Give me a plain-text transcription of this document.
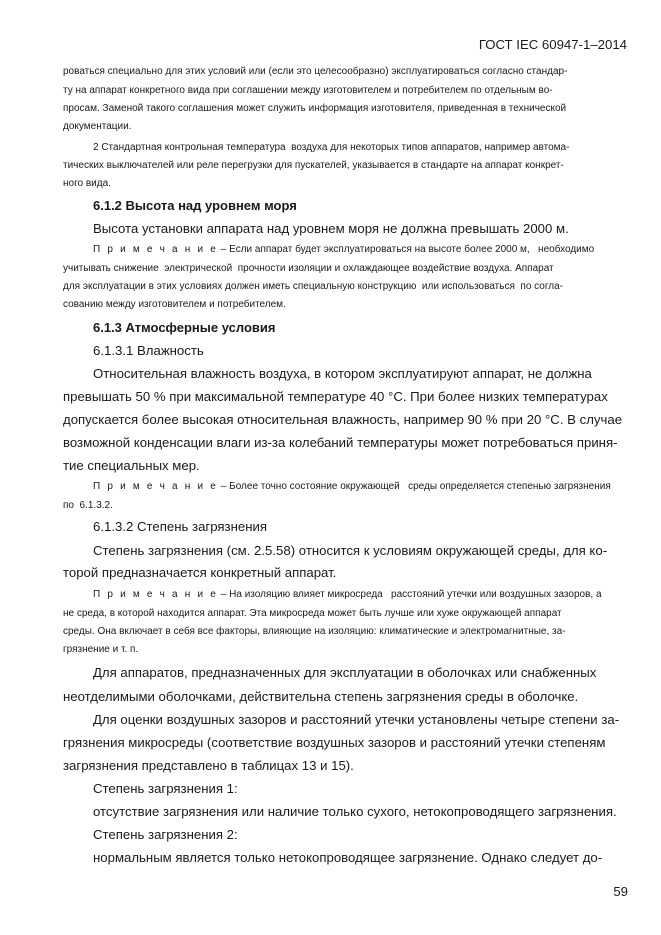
ГОСТ IEC 60947-1–2014
роваться специально для этих условий или (если это целесообразно) эксплуатироваться согласно стандар-
ту на аппарат конкретного вида при соглашении между изготовителем и потребителем по отдельным во-
просам. Заменой такого соглашения может служить информация изготовителя, приведенная в технической
документации.
2 Стандартная контрольная температура  воздуха для некоторых типов аппаратов, например автома-
тических выключателей или реле перегрузки для пускателей, указывается в стандарте на аппарат конкрет-
ного вида.
6.1.2 Высота над уровнем моря
Высота установки аппарата над уровнем моря не должна превышать 2000 м.
П р и м е ч а н и е – Если аппарат будет эксплуатироваться на высоте более 2000 м,   необходимо
учитывать снижение  электрической  прочности изоляции и охлаждающее воздействие воздуха. Аппарат
для эксплуатации в этих условиях должен иметь специальную конструкцию  или использоваться  по согла-
сованию между изготовителем и потребителем.
6.1.3 Атмосферные условия
6.1.3.1 Влажность
Относительная влажность воздуха, в котором эксплуатируют аппарат, не должна
превышать 50 % при максимальной температуре 40 °С. При более низких температурах
допускается более высокая относительная влажность, например 90 % при 20 °С. В случае
возможной конденсации влаги из-за колебаний температуры может потребоваться приня-
тие специальных мер.
П р и м е ч а н и е – Более точно состояние окружающей   среды определяется степенью загрязнения
по  6.1.3.2.
6.1.3.2 Степень загрязнения
Степень загрязнения (см. 2.5.58) относится к условиям окружающей среды, для ко-
торой предназначается конкретный аппарат.
П р и м е ч а н и е – На изоляцию влияет микросреда   расстояний утечки или воздушных зазоров, а
не среда, в которой находится аппарат. Эта микросреда может быть лучше или хуже окружающей аппарат
среды. Она включает в себя все факторы, влияющие на изоляцию: климатические и электромагнитные, за-
грязнение и т. п.
Для аппаратов, предназначенных для эксплуатации в оболочках или снабженных
неотделимыми оболочками, действительна степень загрязнения среды в оболочке.
Для оценки воздушных зазоров и расстояний утечки установлены четыре степени за-
грязнения микросреды (соответствие воздушных зазоров и расстояний утечки степеням
загрязнения представлено в таблицах 13 и 15).
Степень загрязнения 1:
отсутствие загрязнения или наличие только сухого, нетокопроводящего загрязнения.
Степень загрязнения 2:
нормальным является только нетокопроводящее загрязнение. Однако следует до-
59
